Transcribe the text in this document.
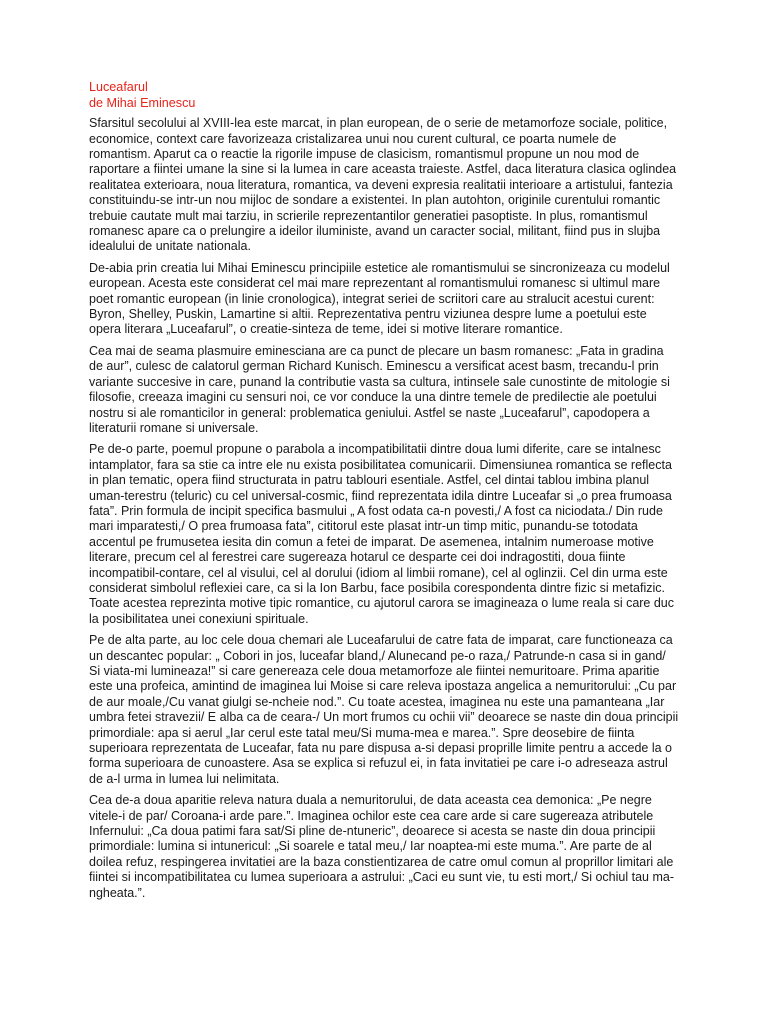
Luceafarul
de Mihai Eminescu

Sfarsitul secolului al XVIII-lea este marcat, in plan european, de o serie de metamorfoze sociale, politice, economice, context care favorizeaza cristalizarea unui nou curent cultural, ce poarta numele de romantism. Aparut ca o reactie la rigorile impuse de clasicism, romantismul propune un nou mod de raportare a fiintei umane la sine si la lumea in care aceasta traieste. Astfel, daca literatura clasica oglindea realitatea exterioara, noua literatura, romantica, va deveni expresia realitatii interioare a artistului, fantezia constituindu-se intr-un nou mijloc de sondare a existentei. In plan autohton, originile curentului romantic trebuie cautate mult mai tarziu, in scrierile reprezentantilor generatiei pasoptiste. In plus, romantismul romanesc apare ca o prelungire a ideilor iluministe, avand un caracter social, militant, fiind pus in slujba idealului de unitate nationala.

De-abia prin creatia lui Mihai Eminescu principiile estetice ale romantismului se sincronizeaza cu modelul european. Acesta este considerat cel mai mare reprezentant al romantismului romanesc si ultimul mare poet romantic european (in linie cronologica), integrat seriei de scriitori care au stralucit acestui curent: Byron, Shelley, Puskin, Lamartine si altii. Reprezentativa pentru viziunea despre lume a poetului este opera literara „Luceafarul”, o creatie-sinteza de teme, idei si motive literare romantice.

Cea mai de seama plasmuire eminesciana are ca punct de plecare un basm romanesc: „Fata in gradina de aur”, culesc de calatorul german Richard Kunisch. Eminescu a versificat acest basm, trecandu-l prin variante succesive in care, punand la contributie vasta sa cultura, intinsele sale cunostinte de mitologie si filosofie, creeaza imagini cu sensuri noi, ce vor conduce la una dintre temele de predilectie ale poetului nostru si ale romanticilor in general: problematica geniului. Astfel se naste „Luceafarul”, capodopera a literaturii romane si universale.

Pe de-o parte, poemul propune o parabola a incompatibilitatii dintre doua lumi diferite, care se intalnesc intamplator, fara sa stie ca intre ele nu exista posibilitatea comunicarii. Dimensiunea romantica se reflecta in plan tematic, opera fiind structurata in patru tablouri esentiale. Astfel, cel dintai tablou imbina planul uman-terestru (teluric) cu cel universal-cosmic, fiind reprezentata idila dintre Luceafar si „o prea frumoasa fata”. Prin formula de incipit specifica basmului „ A fost odata ca-n povesti,/ A fost ca niciodata./ Din rude mari imparatesti,/ O prea frumoasa fata”, cititorul este plasat intr-un timp mitic, punandu-se totodata accentul pe frumusetea iesita din comun a fetei de imparat. De asemenea, intalnim numeroase motive literare, precum cel al ferestrei care sugereaza hotarul ce desparte cei doi indragostiti, doua fiinte incompatibil-contare, cel al visului, cel al dorului (idiom al limbii romane), cel al oglinzii. Cel din urma este considerat simbolul reflexiei care, ca si la Ion Barbu, face posibila corespondenta dintre fizic si metafizic. Toate acestea reprezinta motive tipic romantice, cu ajutorul carora se imagineaza o lume reala si care duc la posibilitatea unei conexiuni spirituale.

Pe de alta parte, au loc cele doua chemari ale Luceafarului de catre fata de imparat, care functioneaza ca un descantec popular: „ Cobori in jos, luceafar bland,/ Alunecand pe-o raza,/ Patrunde-n casa si in gand/ Si viata-mi lumineaza!” si care genereaza cele doua metamorfoze ale fiintei nemuritoare. Prima aparitie este una profeica, amintind de imaginea lui Moise si care releva ipostaza angelica a nemuritorului: „Cu par de aur moale,/Cu vanat giulgi se-ncheie nod.”. Cu toate acestea, imaginea nu este una pamanteana „Iar umbra fetei stravezii/ E alba ca de ceara-/ Un mort frumos cu ochii vii” deoarece se naste din doua principii primordiale: apa si aerul „Iar cerul este tatal meu/Si muma-mea e marea.”. Spre deosebire de fiinta superioara reprezentata de Luceafar, fata nu pare dispusa a-si depasi proprille limite pentru a accede la o forma superioara de cunoastere. Asa se explica si refuzul ei, in fata invitatiei pe care i-o adreseaza astrul de a-l urma in lumea lui nelimitata.

Cea de-a doua aparitie releva natura duala a nemuritorului, de data aceasta cea demonica: „Pe negre vitele-i de par/ Coroana-i arde pare.”. Imaginea ochilor este cea care arde si care sugereaza atributele Infernului: „Ca doua patimi fara sat/Si pline de-ntuneric”, deoarece si acesta se naste din doua principii primordiale: lumina si intunericul: „Si soarele e tatal meu,/ Iar noaptea-mi este muma.”. Are parte de al doilea refuz, respingerea invitatiei are la baza constientizarea de catre omul comun al proprillor limitari ale fiintei si incompatibilitatea cu lumea superioara a astrului: „Caci eu sunt vie, tu esti mort,/ Si ochiul tau ma-ngheata.”.
